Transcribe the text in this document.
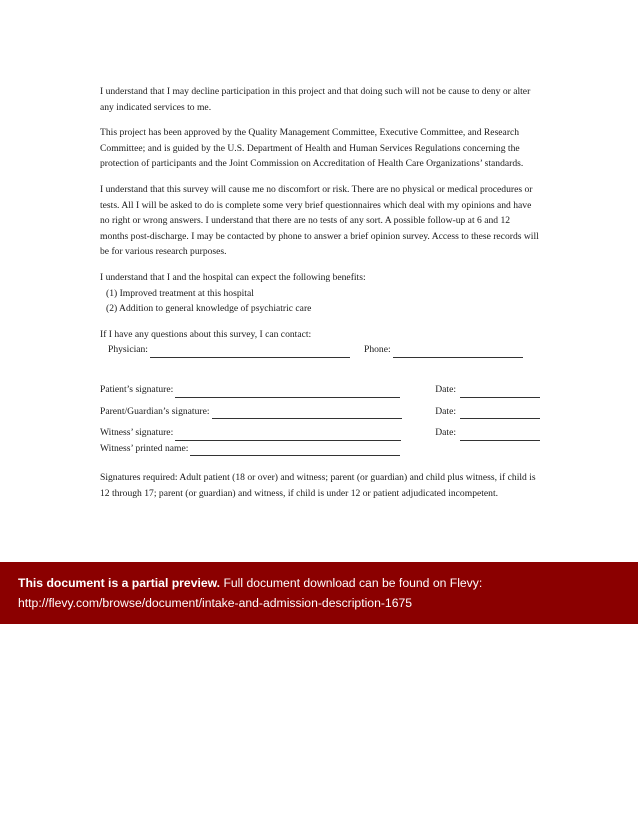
I understand that I may decline participation in this project and that doing such will not be cause to deny or alter any indicated services to me.

This project has been approved by the Quality Management Committee, Executive Committee, and Research Committee; and is guided by the U.S. Department of Health and Human Services Regulations concerning the protection of participants and the Joint Commission on Accreditation of Health Care Organizations’ standards.

I understand that this survey will cause me no discomfort or risk. There are no physical or medical procedures or tests. All I will be asked to do is complete some very brief questionnaires which deal with my opinions and have no right or wrong answers. I understand that there are no tests of any sort. A possible follow-up at 6 and 12 months post-discharge. I may be contacted by phone to answer a brief opinion survey. Access to these records will be for various research purposes.

I understand that I and the hospital can expect the following benefits:
(1) Improved treatment at this hospital
(2) Addition to general knowledge of psychiatric care
If I have any questions about this survey, I can contact:
Physician:	Phone:
Patient’s signature:	Date:
Parent/Guardian’s signature:	Date:
Witness’ signature:	Date:
Witness’ printed name:

Signatures required: Adult patient (18 or over) and witness; parent (or guardian) and child plus witness, if child is 12 through 17; parent (or guardian) and witness, if child is under 12 or patient adjudicated incompetent.

This document is a partial preview. Full document download can be found on Flevy:
http://flevy.com/browse/document/intake-and-admission-description-1675
